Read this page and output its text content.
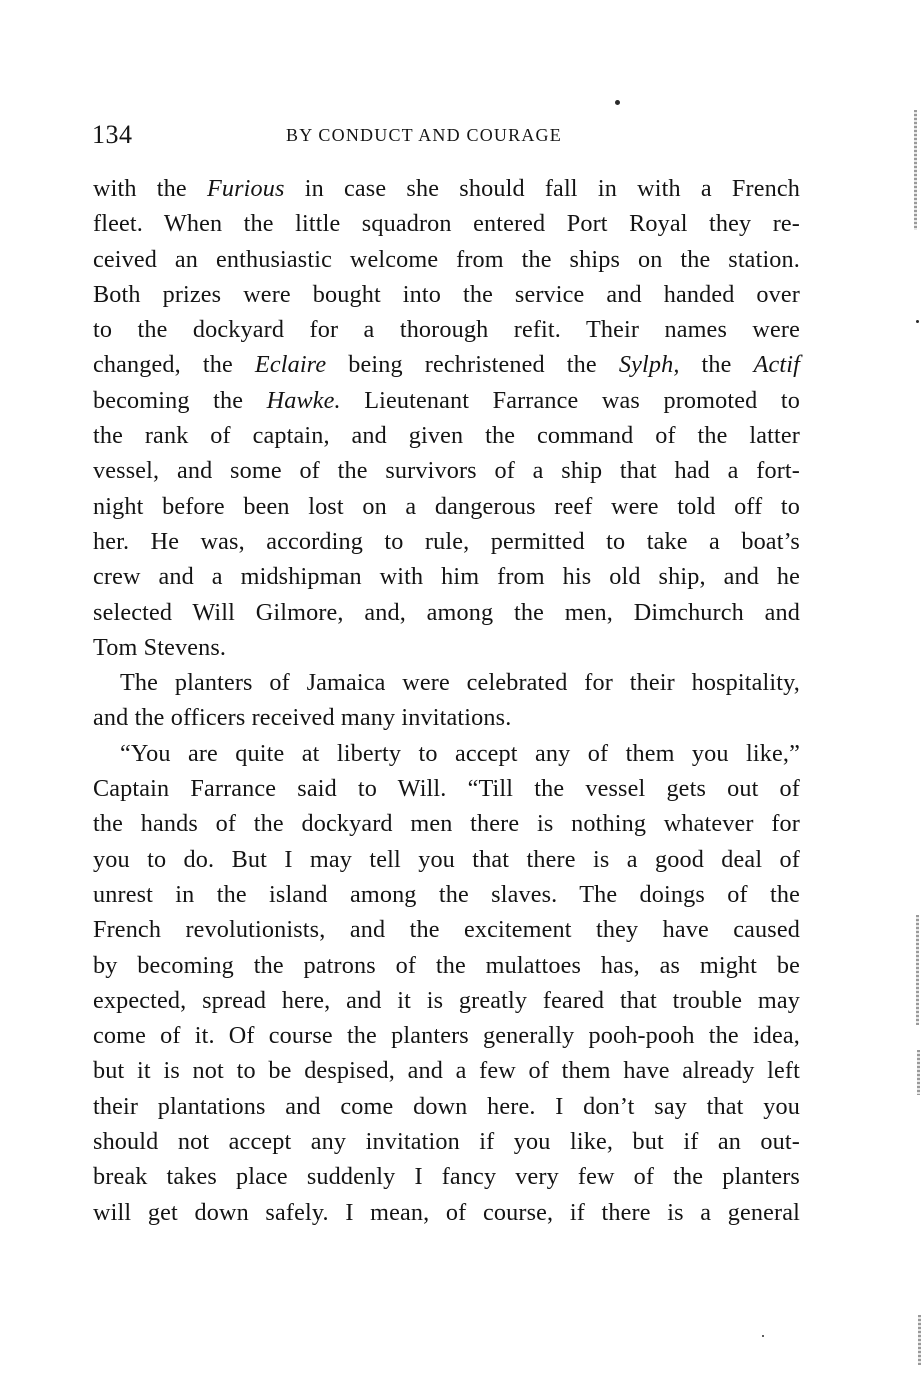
134	BY CONDUCT AND COURAGE
with the Furious in case she should fall in with a French
fleet. When the little squadron entered Port Royal they re-
ceived an enthusiastic welcome from the ships on the station.
Both prizes were bought into the service and handed over
to the dockyard for a thorough refit. Their names were
changed, the Eclaire being rechristened the Sylph, the Actif
becoming the Hawke. Lieutenant Farrance was promoted to
the rank of captain, and given the command of the latter
vessel, and some of the survivors of a ship that had a fort-
night before been lost on a dangerous reef were told off to
her. He was, according to rule, permitted to take a boat’s
crew and a midshipman with him from his old ship, and he
selected Will Gilmore, and, among the men, Dimchurch and
Tom Stevens.
The planters of Jamaica were celebrated for their hospitality,
and the officers received many invitations.
“You are quite at liberty to accept any of them you like,”
Captain Farrance said to Will. “Till the vessel gets out of
the hands of the dockyard men there is nothing whatever for
you to do. But I may tell you that there is a good deal of
unrest in the island among the slaves. The doings of the
French revolutionists, and the excitement they have caused
by becoming the patrons of the mulattoes has, as might be
expected, spread here, and it is greatly feared that trouble may
come of it. Of course the planters generally pooh-pooh the idea,
but it is not to be despised, and a few of them have already left
their plantations and come down here. I don’t say that you
should not accept any invitation if you like, but if an out-
break takes place suddenly I fancy very few of the planters
will get down safely. I mean, of course, if there is a general
